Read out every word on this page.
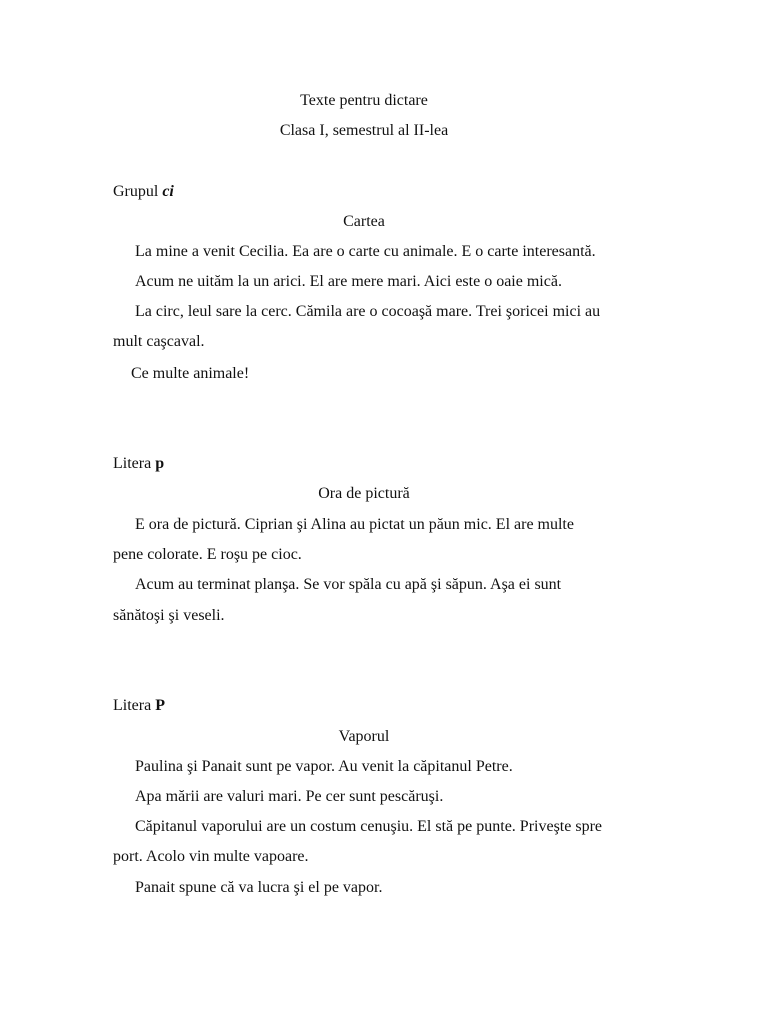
Texte pentru dictare
Clasa I, semestrul al II-lea
Grupul ci
Cartea
La mine a venit Cecilia. Ea are o carte cu animale. E o carte interesantă.
Acum ne uităm la un arici. El are mere mari. Aici este o oaie mică.
La circ, leul sare la cerc. Cămila are o cocoaşă mare. Trei şoricei mici au
mult caşcaval.
Ce multe animale!
Litera p
Ora de pictură
E ora de pictură. Ciprian şi Alina au pictat un păun mic. El are multe
pene colorate. E roşu pe cioc.
Acum au terminat planşa. Se vor spăla cu apă şi săpun. Aşa ei sunt
sănătoşi şi veseli.
Litera P
Vaporul
Paulina şi Panait sunt pe vapor. Au venit la căpitanul Petre.
Apa mării are valuri mari. Pe cer sunt pescăruşi.
Căpitanul vaporului are un costum cenuşiu. El stă pe punte. Priveşte spre
port. Acolo vin multe vapoare.
Panait spune că va lucra şi el pe vapor.
